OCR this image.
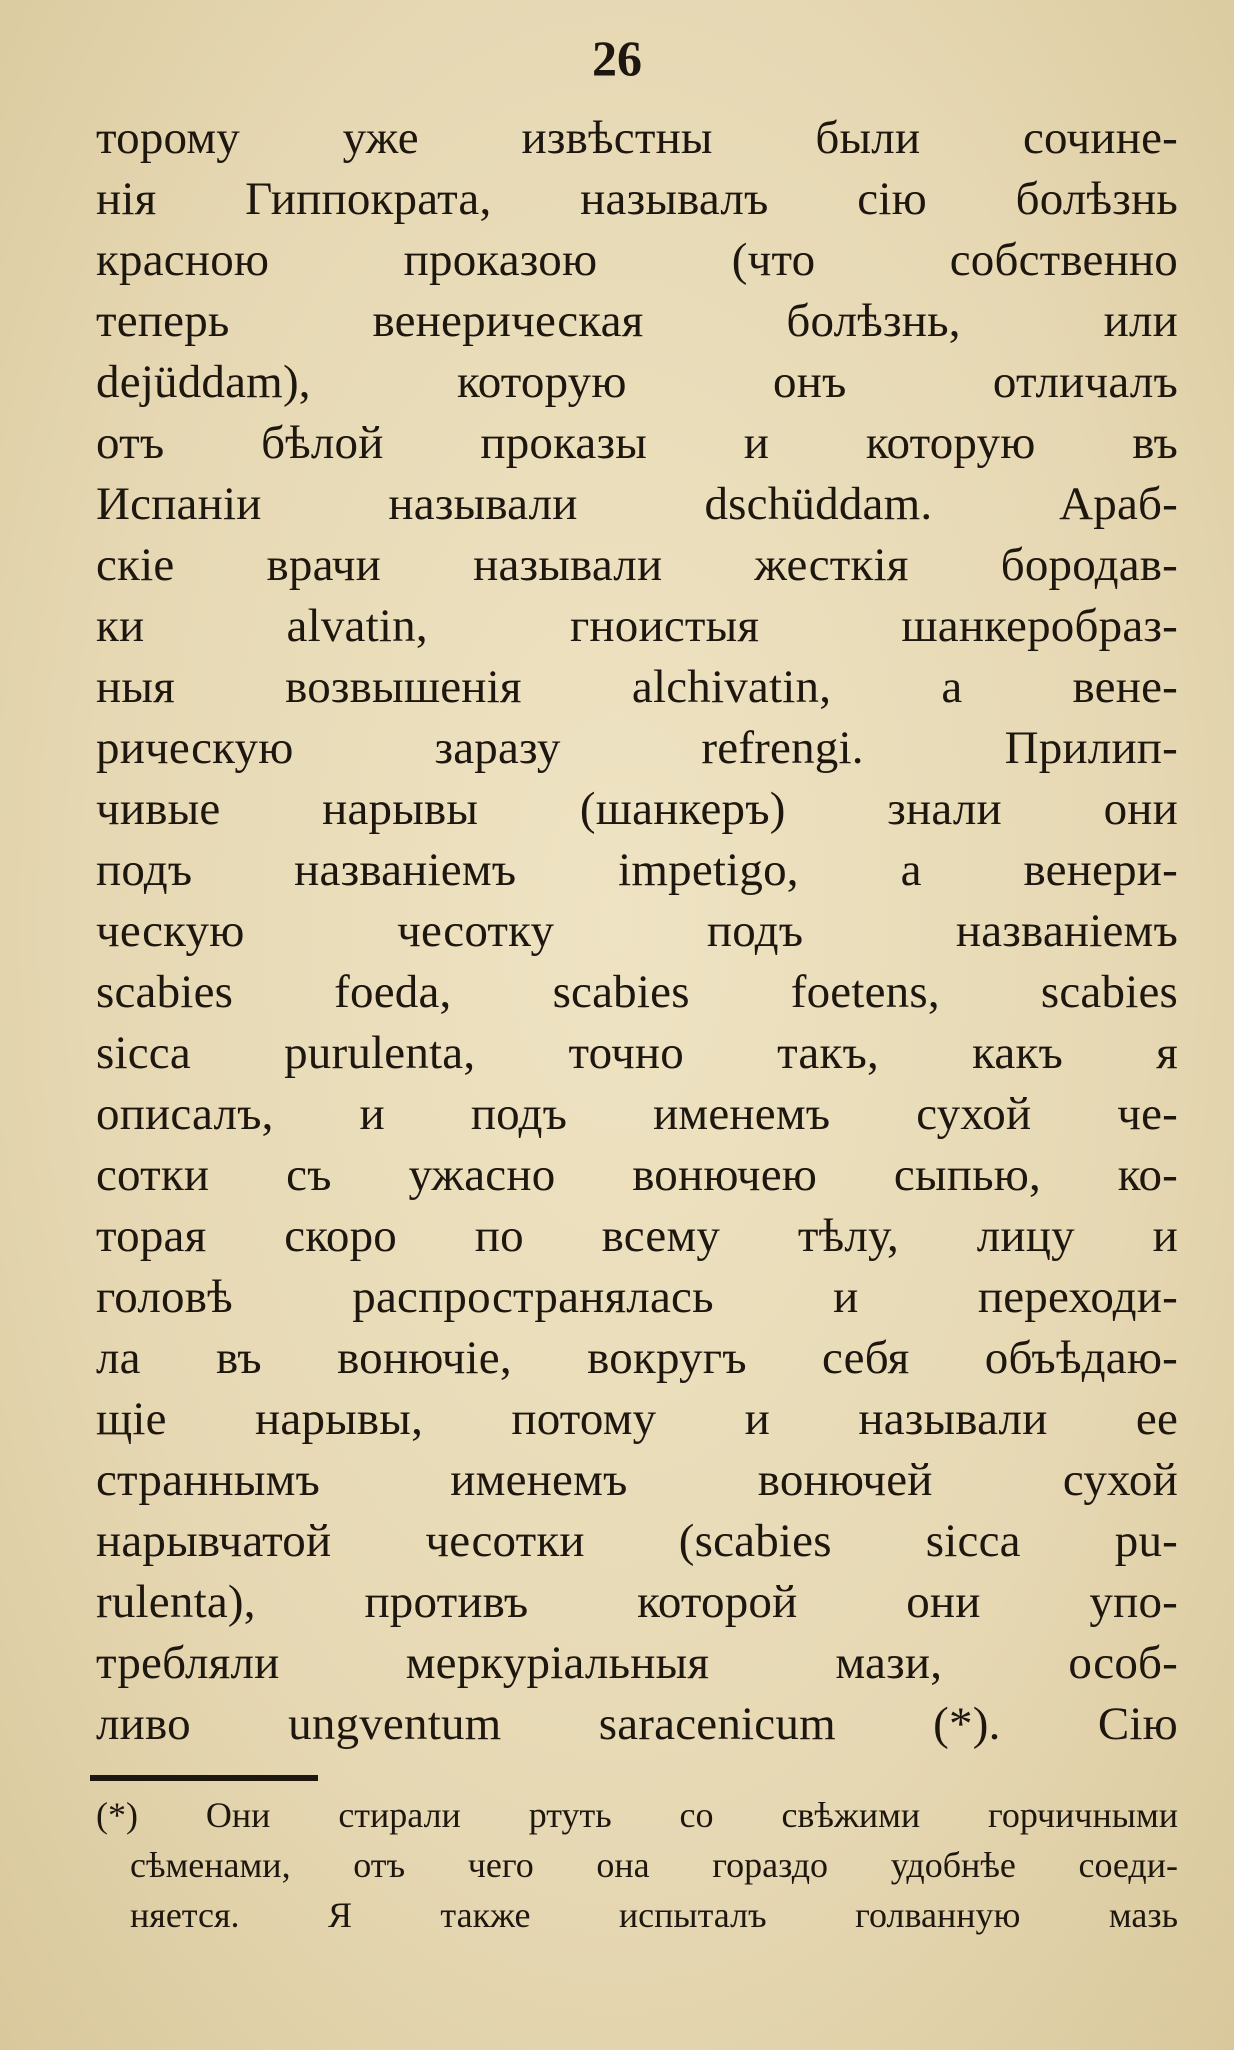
26
торому уже извѣстны были сочине-
нія Гиппократа, называлъ сію болѣзнь
красною проказою (что собственно
теперь венерическая болѣзнь, или
dejüddam), которую онъ отличалъ
отъ бѣлой проказы и которую въ
Испаніи называли dschüddam. Араб-
скіе врачи называли жесткія бородав-
ки alvatin, гноистыя шанкеробраз-
ныя возвышенія alchivatin, а вене-
рическую заразу refrengi. Прилип-
чивые нарывы (шанкеръ) знали они
подъ названіемъ impetigo, а венери-
ческую чесотку подъ названіемъ
scabies foeda, scabies foetens, scabies
sicca purulenta, точно такъ, какъ я
описалъ, и подъ именемъ сухой че-
сотки съ ужасно вонючею сыпью, ко-
торая скоро по всему тѣлу, лицу и
головѣ распространялась и переходи-
ла въ вонючіе, вокругъ себя объѣдаю-
щіе нарывы, потому и называли ее
страннымъ именемъ вонючей сухой
нарывчатой чесотки (scabies sicca pu-
rulenta), противъ которой они упо-
требляли меркуріальныя мази, особ-
ливо ungventum saracenicum (*). Сію
(*) Они стирали ртуть со свѣжими горчичными
сѣменами, отъ чего она гораздо удобнѣе соеди-
няется. Я также испыталъ голванную мазь
